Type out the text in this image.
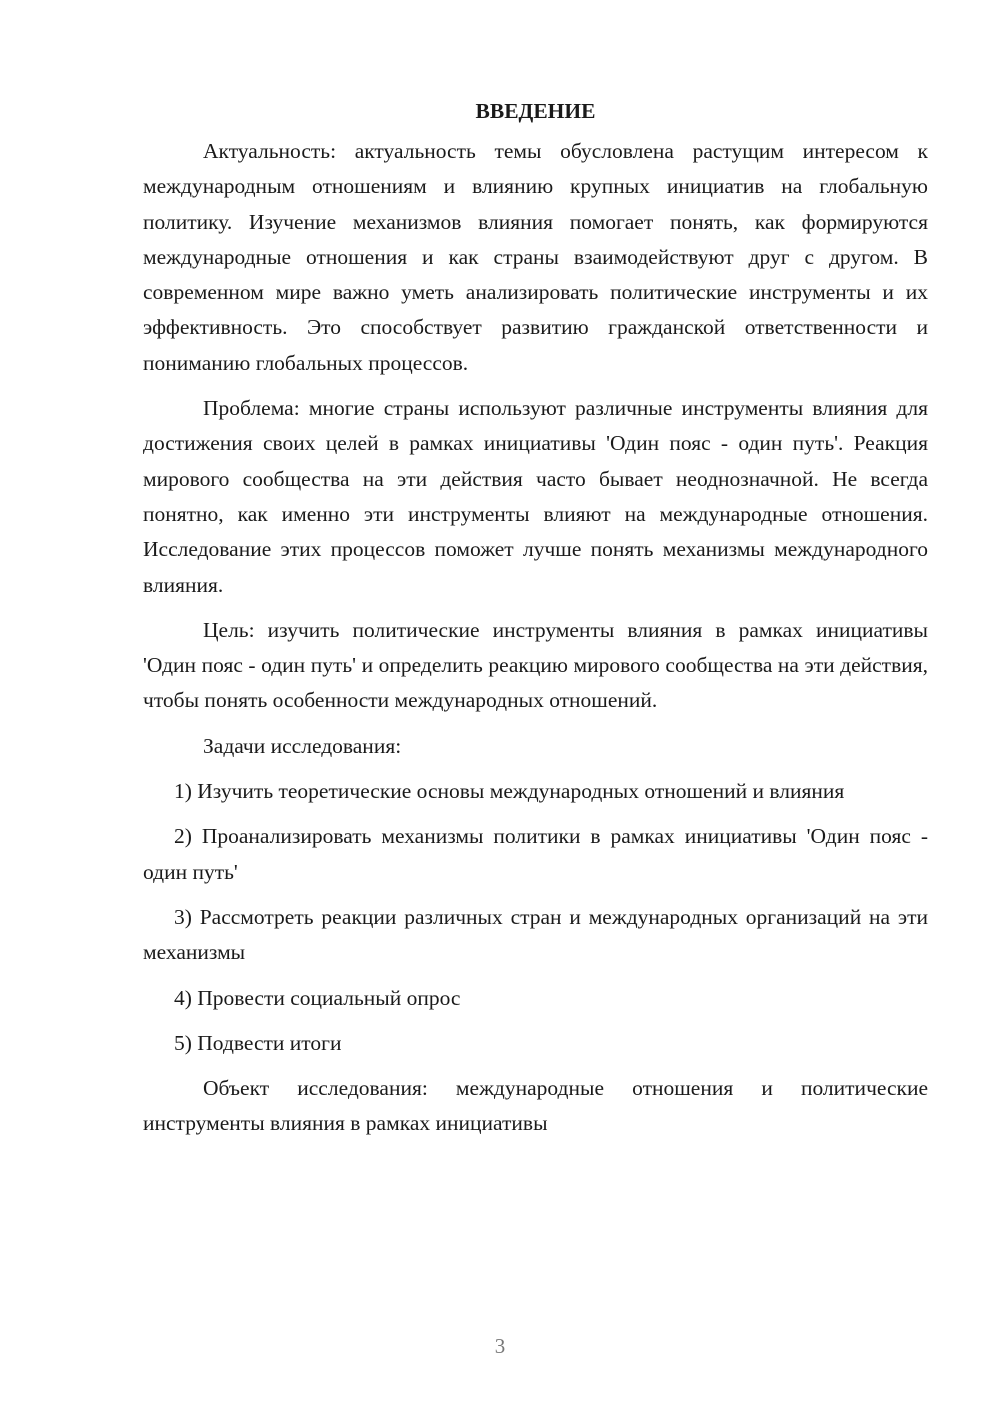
ВВЕДЕНИЕ

Актуальность: актуальность темы обусловлена растущим интересом к международным отношениям и влиянию крупных инициатив на глобальную политику. Изучение механизмов влияния помогает понять, как формируются международные отношения и как страны взаимодействуют друг с другом. В современном мире важно уметь анализировать политические инструменты и их эффективность. Это способствует развитию гражданской ответственности и пониманию глобальных процессов.

Проблема: многие страны используют различные инструменты влияния для достижения своих целей в рамках инициативы 'Один пояс - один путь'. Реакция мирового сообщества на эти действия часто бывает неоднозначной. Не всегда понятно, как именно эти инструменты влияют на международные отношения. Исследование этих процессов поможет лучше понять механизмы международного влияния.

Цель: изучить политические инструменты влияния в рамках инициативы 'Один пояс - один путь' и определить реакцию мирового сообщества на эти действия, чтобы понять особенности международных отношений.

Задачи исследования:

1) Изучить теоретические основы международных отношений и влияния

2) Проанализировать механизмы политики в рамках инициативы 'Один пояс - один путь'

3) Рассмотреть реакции различных стран и международных организаций на эти механизмы

4) Провести социальный опрос

5) Подвести итоги

Объект исследования: международные отношения и политические инструменты влияния в рамках инициативы

3
